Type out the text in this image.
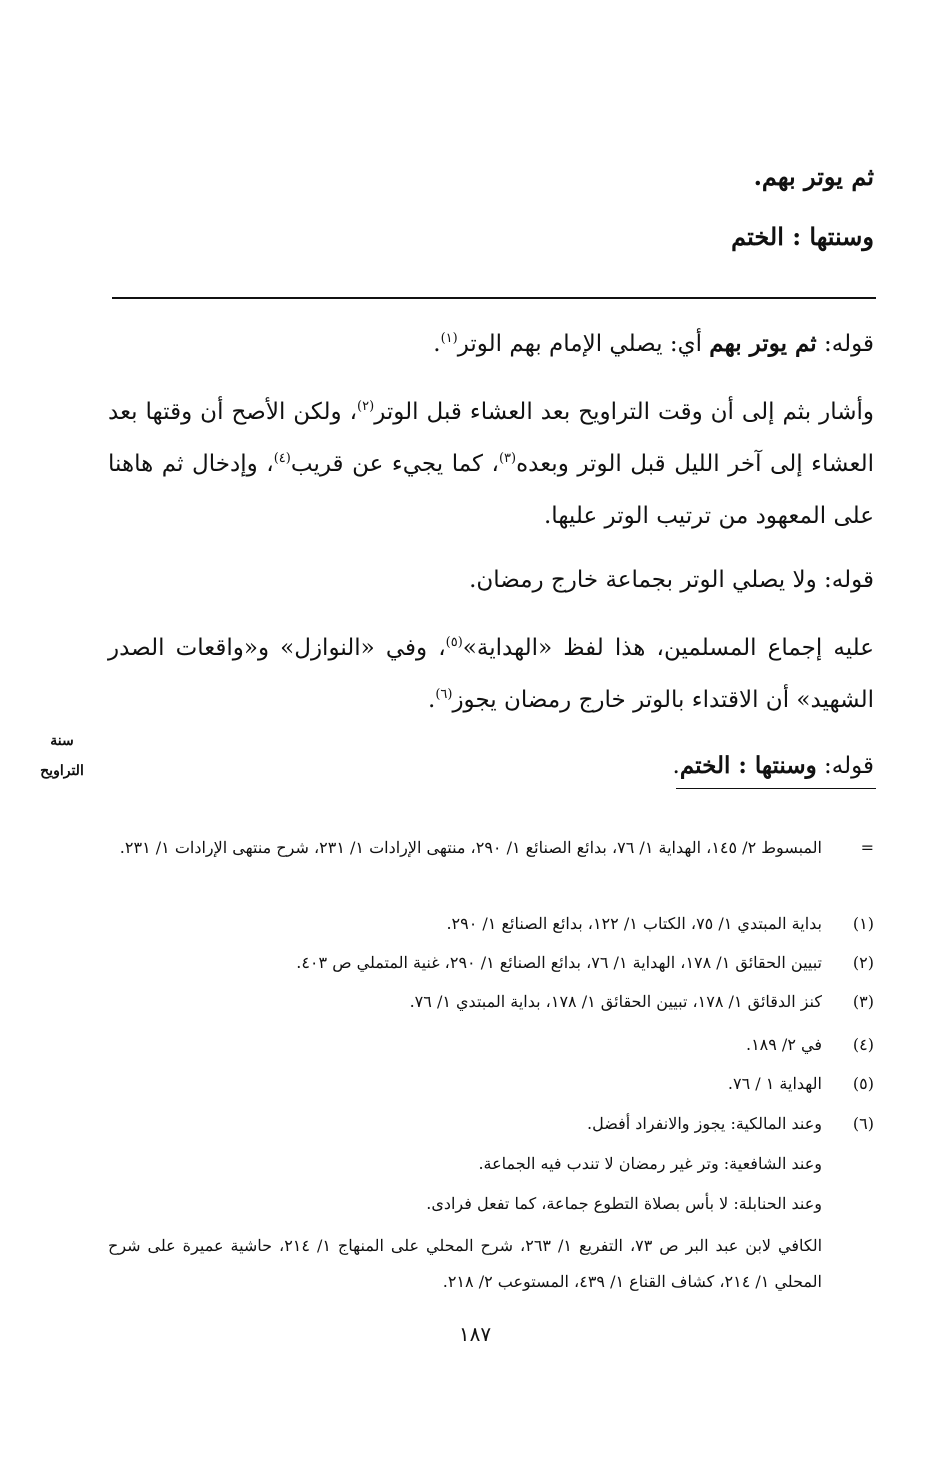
ثم يوتر بهم.
وسنتها : الختم
قوله: ثم يوتر بهم أي: يصلي الإمام بهم الوتر$^{(١)}$.
وأشار بثم إلى أن وقت التراويح بعد العشاء قبل الوتر$^{(٢)}$، ولكن الأصح أن وقتها بعد العشاء إلى آخر الليل قبل الوتر وبعده$^{(٣)}$، كما يجيء عن قريب$^{(٤)}$، وإدخال ثم هاهنا على المعهود من ترتيب الوتر عليها.
قوله: ولا يصلي الوتر بجماعة خارج رمضان.
عليه إجماع المسلمين، هذا لفظ «الهداية»$^{(٥)}$، وفي «النوازل» و«واقعات الصدر الشهيد» أن الاقتداء بالوتر خارج رمضان يجوز$^{(٦)}$.
قوله: وسنتها : الختم.
سنة
التراويح
=المبسوط ٢/ ١٤٥، الهداية ١/ ٧٦، بدائع الصنائع ١/ ٢٩٠، منتهى الإرادات ١/ ٢٣١، شرح منتهى الإرادات ١/ ٢٣١.
(١)بداية المبتدي ١/ ٧٥، الكتاب ١/ ١٢٢، بدائع الصنائع ١/ ٢٩٠.
(٢)تبيين الحقائق ١/ ١٧٨، الهداية ١/ ٧٦، بدائع الصنائع ١/ ٢٩٠، غنية المتملي ص ٤٠٣.
(٣)كنز الدقائق ١/ ١٧٨، تبيين الحقائق ١/ ١٧٨، بداية المبتدي ١/ ٧٦.
(٤)في ٢/ ١٨٩.
(٥)الهداية ١ / ٧٦.
(٦)وعند المالكية: يجوز والانفراد أفضل.
وعند الشافعية: وتر غير رمضان لا تندب فيه الجماعة.
وعند الحنابلة: لا بأس بصلاة التطوع جماعة، كما تفعل فرادى.
الكافي لابن عبد البر ص ٧٣، التفريع ١/ ٢٦٣، شرح المحلي على المنهاج ١/ ٢١٤، حاشية عميرة على شرح المحلي ١/ ٢١٤، كشاف القناع ١/ ٤٣٩، المستوعب ٢/ ٢١٨.
١٨٧
